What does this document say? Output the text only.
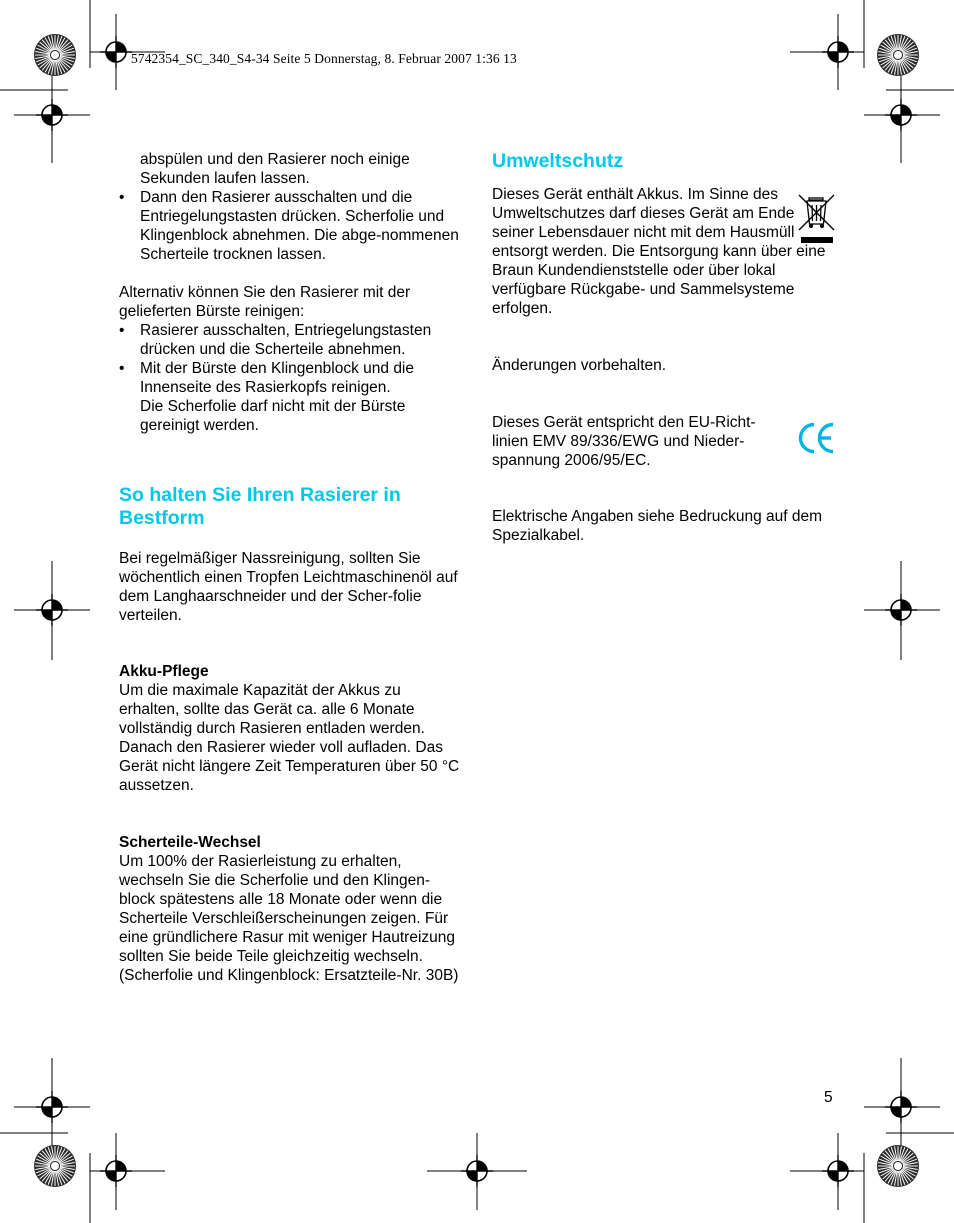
5742354_SC_340_S4-34 Seite 5 Donnerstag, 8. Februar 2007 1:36 13

abspülen und den Rasierer noch einige Sekunden laufen lassen.

• Dann den Rasierer ausschalten und die Entriegelungstasten drücken. Scherfolie und Klingenblock abnehmen. Die abge-nommenen Scherteile trocknen lassen.

Alternativ können Sie den Rasierer mit der gelieferten Bürste reinigen:

• Rasierer ausschalten, Entriegelungstasten drücken und die Scherteile abnehmen.
• Mit der Bürste den Klingenblock und die Innenseite des Rasierkopfs reinigen.

Die Scherfolie darf nicht mit der Bürste gereinigt werden.

So halten Sie Ihren Rasierer in Bestform

Bei regelmäßiger Nassreinigung, sollten Sie wöchentlich einen Tropfen Leichtmaschinenöl auf dem Langhaarschneider und der Scher-folie verteilen.

Akku-Pflege

Um die maximale Kapazität der Akkus zu erhalten, sollte das Gerät ca. alle 6 Monate vollständig durch Rasieren entladen werden. Danach den Rasierer wieder voll aufladen. Das Gerät nicht längere Zeit Temperaturen über 50 °C aussetzen.

Scherteile-Wechsel

Um 100% der Rasierleistung zu erhalten, wechseln Sie die Scherfolie und den Klingen-block spätestens alle 18 Monate oder wenn die Scherteile Verschleißerscheinungen zeigen. Für eine gründlichere Rasur mit weniger Hautreizung sollten Sie beide Teile gleichzeitig wechseln.

(Scherfolie und Klingenblock: Ersatzteile-Nr. 30B)

Umweltschutz

Dieses Gerät enthält Akkus. Im Sinne des Umweltschutzes darf dieses Gerät am Ende seiner Lebensdauer nicht mit dem Hausmüll entsorgt werden. Die Entsorgung kann über eine Braun Kundendienststelle oder über lokal verfügbare Rückgabe- und Sammelsysteme erfolgen.

Änderungen vorbehalten.

Dieses Gerät entspricht den EU-Richt-linien EMV 89/336/EWG und Nieder-spannung 2006/95/EC.

Elektrische Angaben siehe Bedruckung auf dem Spezialkabel.

5
